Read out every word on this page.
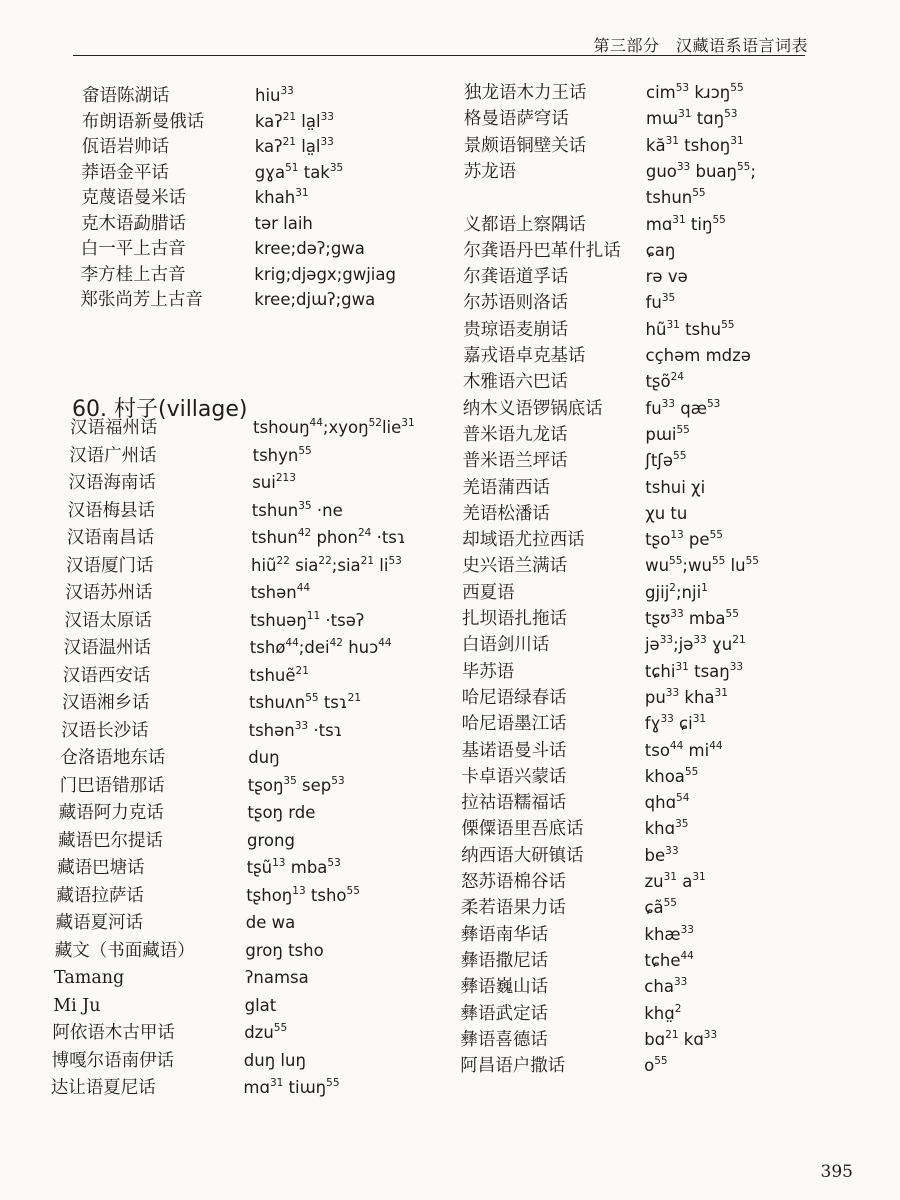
第三部分　汉藏语系语言词表
畲语陈湖话	hiu$^{33}$
布朗语新曼俄话	kaʔ$^{21}$ $la̤l^{33}$
佤语岩帅话	kaʔ$^{21}$ $la̤l^{33}$
莽语金平话	gɣa$^{51}$ tak$^{35}$
克蔑语曼米话	khah$^{31}$
克木语勐腊话	tər laih
白一平上古音	kree;dəʔ;gwa
李方桂上古音	krig;djəgx;gwjiag
郑张尚芳上古音	kree;djɯʔ;gwa
汉语福州话	tshouŋ$^{44}$;xyoŋ$^{52}$lie$^{31}$
汉语广州话	tshyn$^{55}$
汉语海南话	sui$^{213}$
汉语梅县话	tshun$^{35}$ ·ne
汉语南昌话	tshun$^{42}$ phon$^{24}$ ·tsɿ
汉语厦门话	hiũ$^{22}$ sia$^{22}$;sia$^{21}$ $li^{53}$
汉语苏州话	tshən$^{44}$
汉语太原话	tshuəŋ$^{11}$ ·tsəʔ
汉语温州话	tshø$^{44}$;dei$^{42}$ huɔ$^{44}$
汉语西安话	tshuẽ$^{21}$
汉语湘乡话	tshuʌn$^{55}$ tsɿ$^{21}$
汉语长沙话	tshən$^{33}$ ·tsɿ
仓洛语地东话	duŋ
门巴语错那话	tʂoŋ$^{35}$ sep$^{53}$
藏语阿力克话	tʂoŋ rde
藏语巴尔提话	grong
藏语巴塘话	tʂũ$^{13}$ mba$^{53}$
藏语拉萨话	tʂhoŋ$^{13}$ tsho$^{55}$
藏语夏河话	de wa
藏文（书面藏语）	groŋ tsho
Tamang	ʔnamsa
Mi Ju	glat
阿依语木古甲话	dzu$^{55}$
博嘎尔语南伊话	duŋ luŋ
达让语夏尼话	mɑ$^{31}$ tiɯŋ$^{55}$
60. 村子(village)
独龙语木力王话	cim$^{53}$ kɹɔŋ$^{55}$
格曼语萨穹话	mɯ$^{31}$ tɑŋ$^{53}$
景颇语铜壁关话	$kă^{31}$ tshoŋ$^{31}$
苏龙语	guo$^{33}$ buaŋ$^{55}$;
tshun$^{55}$
义都语上察隅话	mɑ$^{31}$ tiŋ$^{55}$
尔龚语丹巴革什扎话 ɕaŋ
尔龚语道孚话	rə və
尔苏语则洛话	$fu^{35}$
贵琼语麦崩话	$hũ^{31}$ tshu$^{55}$
嘉戎语卓克基话	cçhəm mdzə
木雅语六巴话	tʂõ$^{24}$
纳木义语锣锅底话	$fu^{33}$ $qæ^{53}$
普米语九龙话	pɯi$^{55}$
普米语兰坪话	ʃtʃə$^{55}$
羌语蒲西话	tshui χi
羌语松潘话	χu tu
却域语尤拉西话	tʂo$^{13}$ $pe^{55}$
史兴语兰满话	$wu^{55};wu^{55}$ $lu^{55}$
西夏语	gjij$^2$;nji$^1$
扎坝语扎拖话	tʂʊ$^{33}$ mba$^{55}$
白语剑川话	jə$^{33}$;jə$^{33}$ ɣu$^{21}$
毕苏语	tɕhi$^{31}$ tsaŋ$^{33}$
哈尼语绿春话	$pu^{33}$ kha$^{31}$
哈尼语墨江话	fɣ$^{33}$ ɕi$^{31}$
基诺语曼斗话	tso$^{44}$ $mi^{44}$
卡卓语兴蒙话	khoa$^{55}$
拉祜语糯福话	qhɑ$^{54}$
傈僳语里吾底话	khɑ$^{35}$
纳西语大研镇话	$be^{33}$
怒苏语棉谷话	$zu^{31}$ $a^{31}$
柔若语果力话	ɕã$^{55}$
彝语南华话	khæ$^{33}$
彝语撒尼话	tɕhe$^{44}$
彝语巍山话	cha$^{33}$
彝语武定话	khɑ̤$^2$
彝语喜德话	bɑ$^{21}$ kɑ$^{33}$
阿昌语户撒话	$o^{55}$
395
